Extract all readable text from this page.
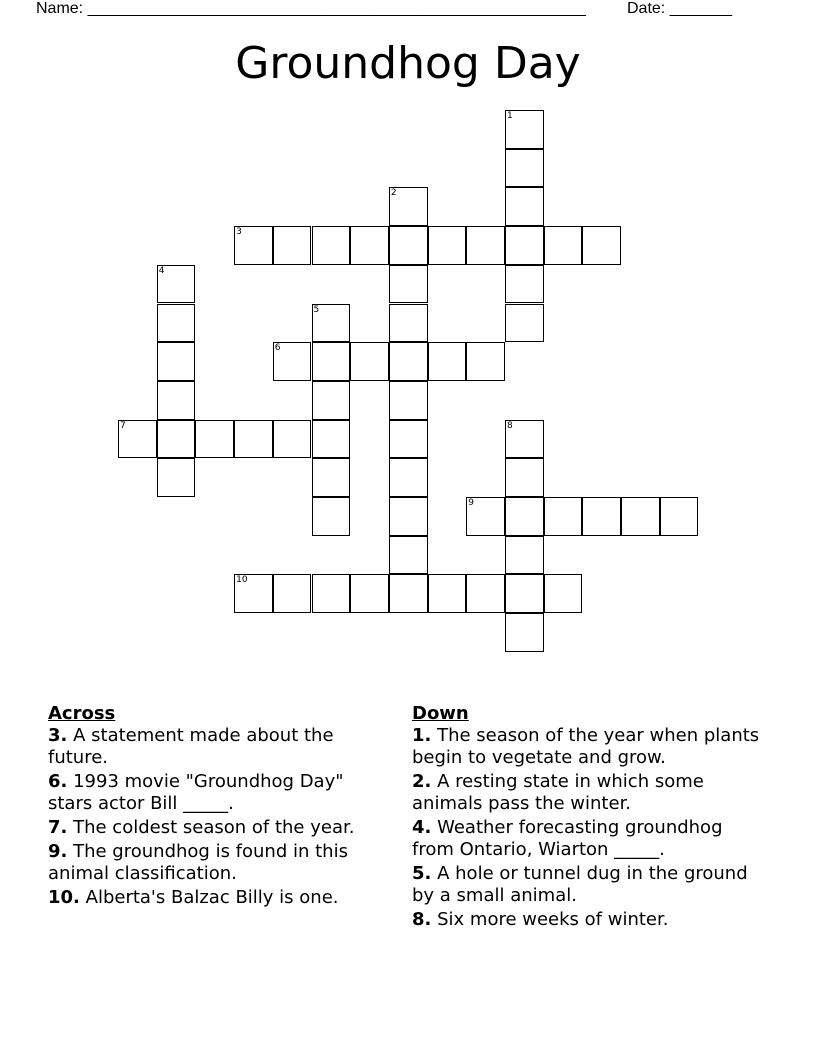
Name: ________________________________________________________	Date: _______
Groundhog Day
1
2
3
4
5
6
7	8
9
10
Across
3. A statement made about the future.
6. 1993 movie "Groundhog Day" stars actor Bill _____.
7. The coldest season of the year.
9. The groundhog is found in this animal classification.
10. Alberta's Balzac Billy is one.
Down
1. The season of the year when plants begin to vegetate and grow.
2. A resting state in which some animals pass the winter.
4. Weather forecasting groundhog from Ontario, Wiarton _____.
5. A hole or tunnel dug in the ground by a small animal.
8. Six more weeks of winter.
